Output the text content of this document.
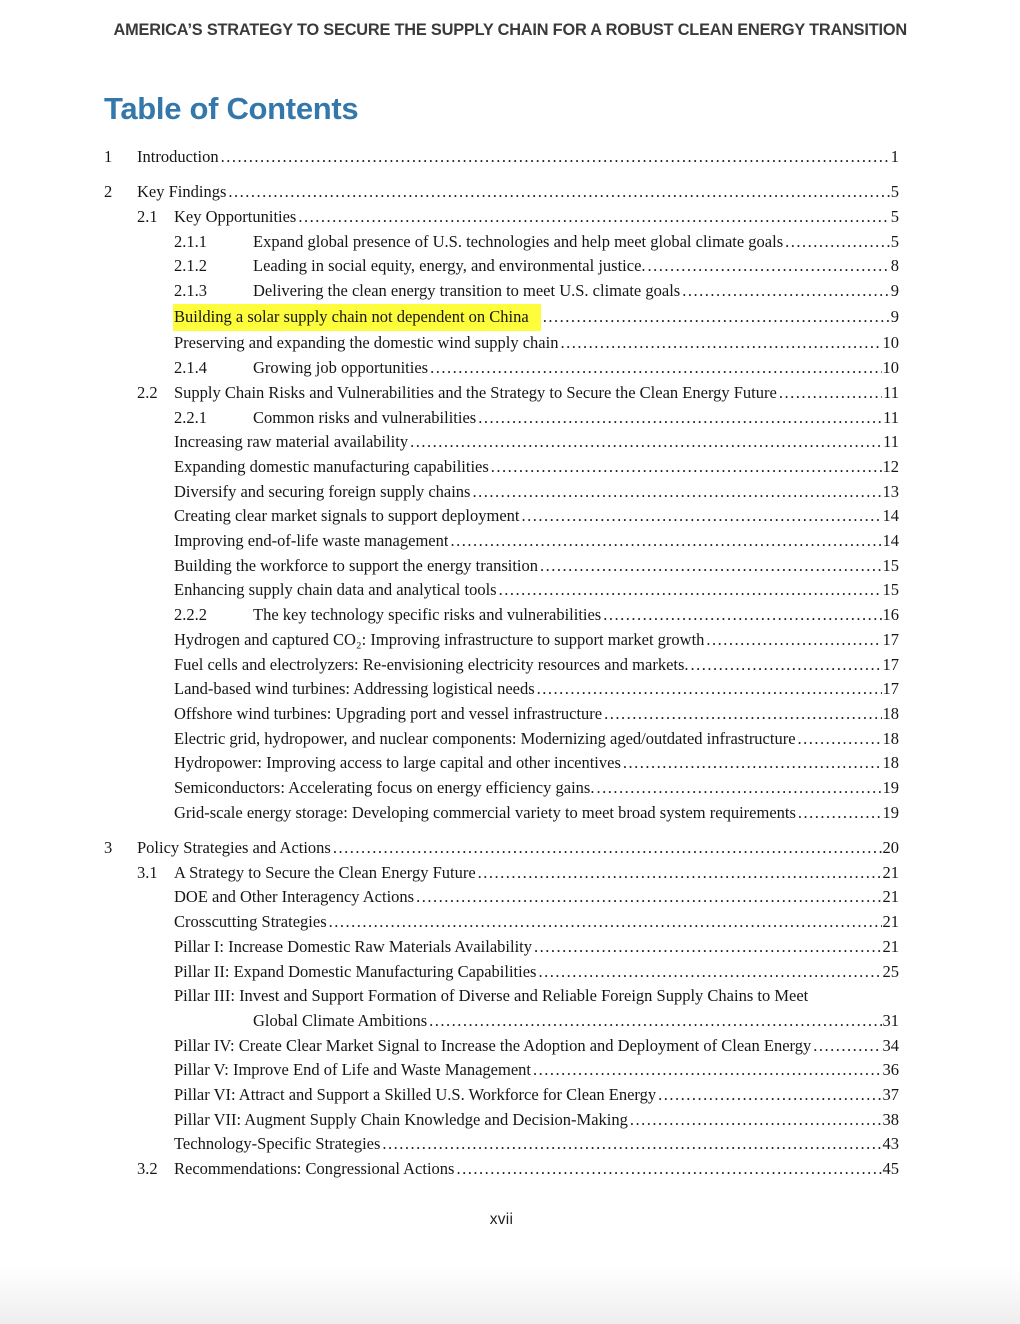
AMERICA’S STRATEGY TO SECURE THE SUPPLY CHAIN FOR A ROBUST CLEAN ENERGY TRANSITION
Table of Contents
1	Introduction .....	1
2	Key Findings .....	5
2.1 Key Opportunities .....	5
2.1.1	Expand global presence of U.S. technologies and help meet global climate goals .....	5
2.1.2	Leading in social equity, energy, and environmental justice. .....	8
2.1.3	Delivering the clean energy transition to meet U.S. climate goals .....	9
Building a solar supply chain not dependent on China .....	9
Preserving and expanding the domestic wind supply chain .....	10
2.1.4	Growing job opportunities .....	10
2.2 Supply Chain Risks and Vulnerabilities and the Strategy to Secure the Clean Energy Future .....	11
2.2.1	Common risks and vulnerabilities .....	11
Increasing raw material availability .....	11
Expanding domestic manufacturing capabilities .....	12
Diversify and securing foreign supply chains .....	13
Creating clear market signals to support deployment .....	14
Improving end-of-life waste management .....	14
Building the workforce to support the energy transition .....	15
Enhancing supply chain data and analytical tools .....	15
2.2.2	The key technology specific risks and vulnerabilities .....	16
Hydrogen and captured CO₂: Improving infrastructure to support market growth .....	17
Fuel cells and electrolyzers: Re-envisioning electricity resources and markets. .....	17
Land-based wind turbines: Addressing logistical needs .....	17
Offshore wind turbines: Upgrading port and vessel infrastructure .....	18
Electric grid, hydropower, and nuclear components: Modernizing aged/outdated infrastructure .....	18
Hydropower: Improving access to large capital and other incentives .....	18
Semiconductors: Accelerating focus on energy efficiency gains. .....	19
Grid-scale energy storage: Developing commercial variety to meet broad system requirements .....	19
3	Policy Strategies and Actions .....	20
3.1 A Strategy to Secure the Clean Energy Future .....	21
DOE and Other Interagency Actions .....	21
Crosscutting Strategies .....	21
Pillar I: Increase Domestic Raw Materials Availability .....	21
Pillar II: Expand Domestic Manufacturing Capabilities .....	25
Pillar III: Invest and Support Formation of Diverse and Reliable Foreign Supply Chains to Meet
Global Climate Ambitions .....	31
Pillar IV: Create Clear Market Signal to Increase the Adoption and Deployment of Clean Energy .....	34
Pillar V: Improve End of Life and Waste Management .....	36
Pillar VI: Attract and Support a Skilled U.S. Workforce for Clean Energy .....	37
Pillar VII: Augment Supply Chain Knowledge and Decision-Making .....	38
Technology-Specific Strategies .....	43
3.2 Recommendations: Congressional Actions .....	45
xvii
